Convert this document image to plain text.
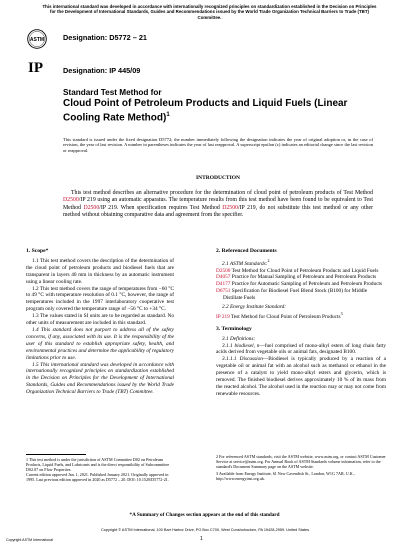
This international standard was developed in accordance with internationally recognized principles on standardization established in the Decision on Principles for the Development of International Standards, Guides and Recommendations issued by the World Trade Organization Technical Barriers to Trade (TBT) Committee.
ASTM
IP
Designation: D5772 – 21
Designation: IP 445/09
Standard Test Method for
Cloud Point of Petroleum Products and Liquid Fuels (Linear Cooling Rate Method)$^1$
This standard is issued under the fixed designation D5772; the number immediately following the designation indicates the year of original adoption or, in the case of revision, the year of last revision. A number in parentheses indicates the year of last reapproval. A superscript epsilon (ε) indicates an editorial change since the last revision or reapproval.
INTRODUCTION
This test method describes an alternative procedure for the determination of cloud point of petroleum products of Test Method D2500/IP 219 using an automatic apparatus. The temperature results from this test method have been found to be equivalent to Test Method D2500/IP 219. When specification requires Test Method D2500/IP 219, do not substitute this test method or any other method without obtaining comparative data and agreement from the specifier.

1. Scope*

1.1 This test method covers the description of the determination of the cloud point of petroleum products and biodiesel fuels that are transparent in layers 40 mm in thickness by an automatic instrument using a linear cooling rate.

1.2 This test method covers the range of temperatures from −60 °C to 49 °C with temperature resolution of 0.1 °C, however, the range of temperatures included in the 1997 interlaboratory cooperative test program only covered the temperature range of −56 °C to +34 °C.

1.3 The values stated in SI units are to be regarded as standard. No other units of measurement are included in this standard.

1.4 This standard does not purport to address all of the safety concerns, if any, associated with its use. It is the responsibility of the user of this standard to establish appropriate safety, health, and environmental practices and determine the applicability of regulatory limitations prior to use.

1.5 This international standard was developed in accordance with internationally recognized principles on standardization established in the Decision on Principles for the Development of International Standards, Guides and Recommendations issued by the World Trade Organization Technical Barriers to Trade (TBT) Committee.

2. Referenced Documents

2.1 ASTM Standards:$^2$

D2500 Test Method for Cloud Point of Petroleum Products and Liquid Fuels

D4057 Practice for Manual Sampling of Petroleum and Petroleum Products

D4177 Practice for Automatic Sampling of Petroleum and Petroleum Products

D6751 Specification for Biodiesel Fuel Blend Stock (B100) for Middle Distillate Fuels

2.2 Energy Institute Standard:

IP 219 Test Method for Cloud Point of Petroleum Products$^3$

3. Terminology

3.1 Definitions:

3.1.1 biodiesel, n—fuel comprised of mono-alkyl esters of long chain fatty acids derived from vegetable oils or animal fats, designated B100.

3.1.1.1 Discussion—Biodiesel is typically produced by a reaction of a vegetable oil or animal fat with an alcohol such as methanol or ethanol in the presence of a catalyst to yield mono-alkyl esters and glycerin, which is removed. The finished biodiesel derives approximately 10 % of its mass from the reacted alcohol. The alcohol used in the reaction may or may not come from renewable resources.

1 This test method is under the jurisdiction of ASTM Committee D02 on Petroleum Products, Liquid Fuels, and Lubricants and is the direct responsibility of Subcommittee D02.07 on Flow Properties.
Current edition approved Jan. 1, 2021. Published January 2021. Originally approved in 1995. Last previous edition approved in 2020 as D5772 – 20. DOI: 10.1520/D5772-21.
2 For referenced ASTM standards, visit the ASTM website, www.astm.org, or contact ASTM Customer Service at service@astm.org. For Annual Book of ASTM Standards volume information, refer to the standard's Document Summary page on the ASTM website.
3 Available from Energy Institute, 61 New Cavendish St., London, W1G 7AR, U.K., http://www.energyinst.org.uk.
*A Summary of Changes section appears at the end of this standard
Copyright © ASTM International, 100 Barr Harbor Drive, PO Box C700, West Conshohocken, PA 19428-2959. United States
1
Copyright ASTM International
